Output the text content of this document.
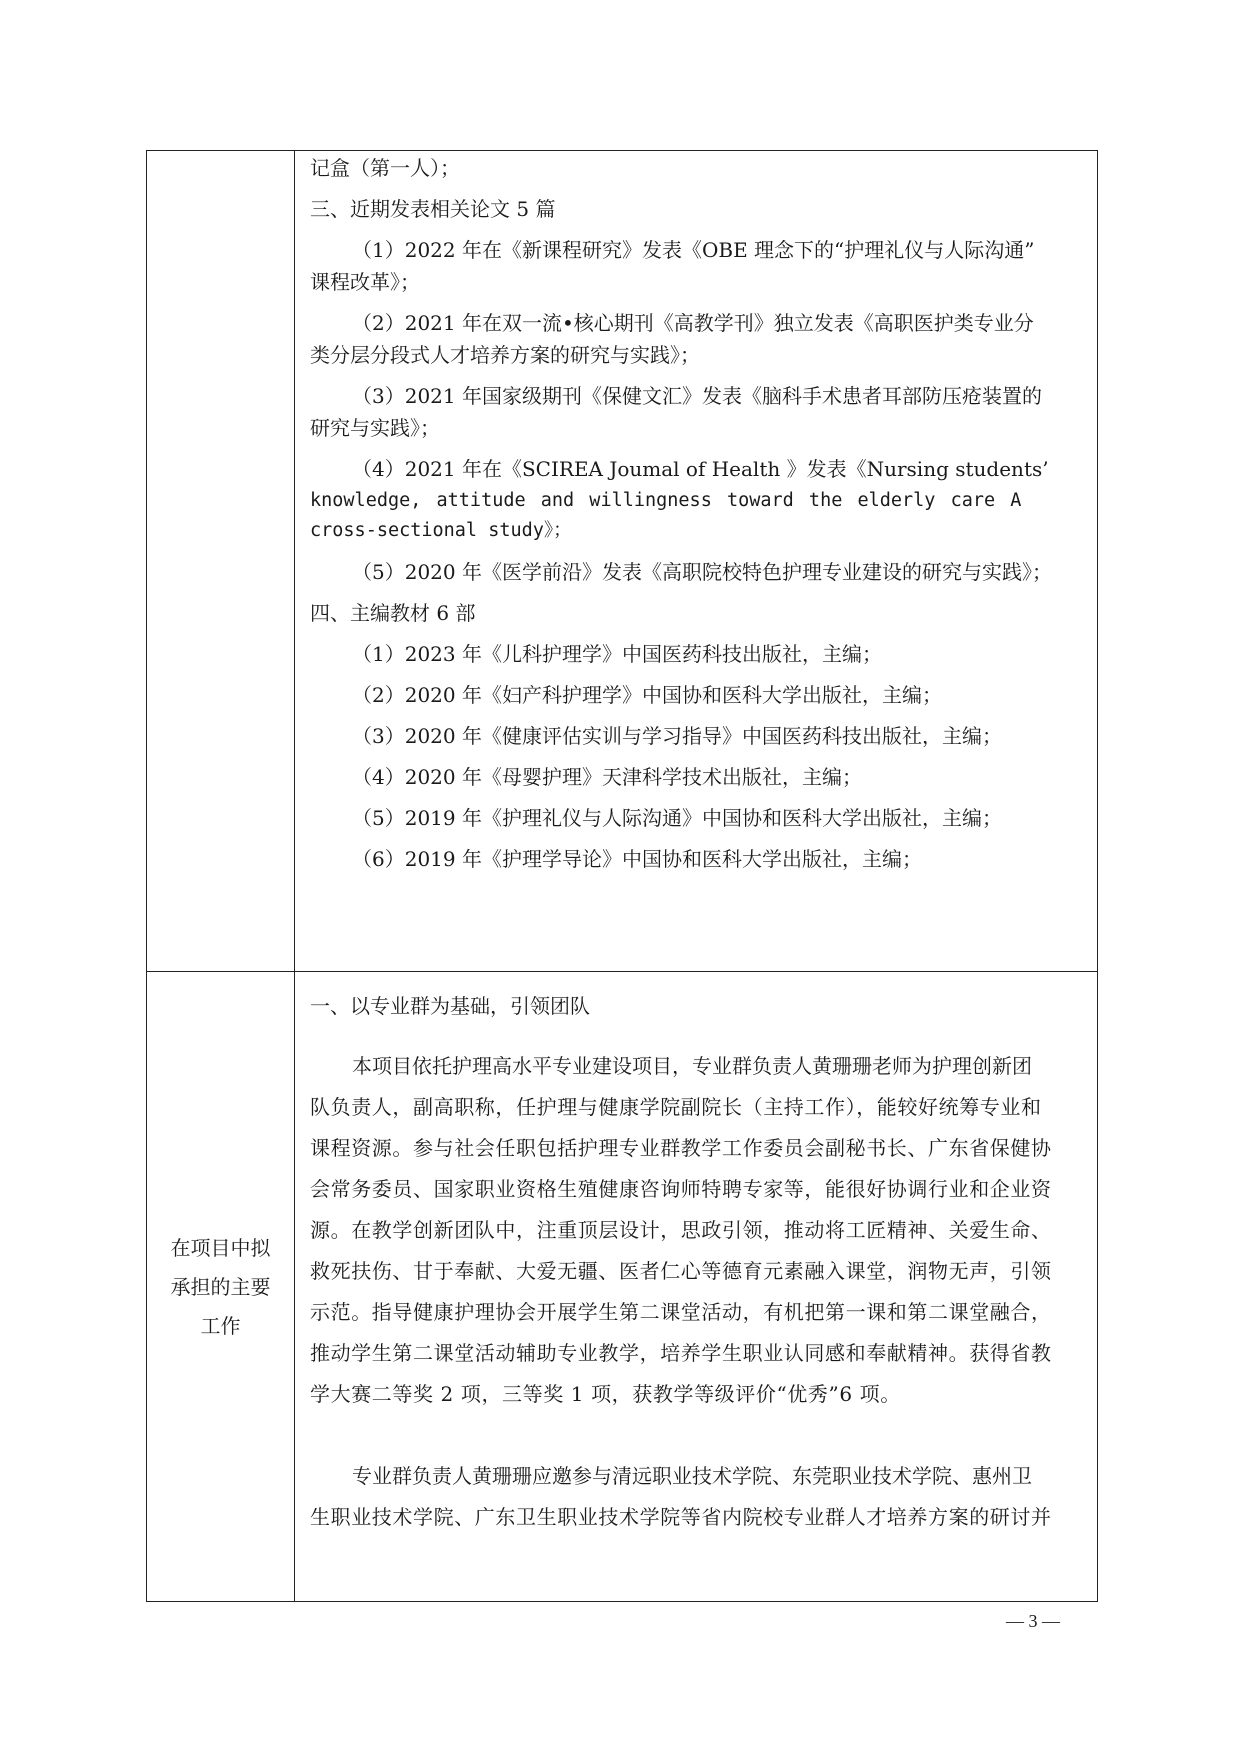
记盒（第一人）；
三、近期发表相关论文 5 篇
（1）2022 年在《新课程研究》发表《OBE 理念下的“护理礼仪与人际沟通”
课程改革》；
（2）2021 年在双一流•核心期刊《高教学刊》独立发表《高职医护类专业分
类分层分段式人才培养方案的研究与实践》；
（3）2021 年国家级期刊《保健文汇》发表《脑科手术患者耳部防压疮装置的
研究与实践》；
（4）2021 年在《SCIREA Joumal of Health 》发表《Nursing students’
knowledge, attitude and willingness toward the elderly care A
cross-sectional study》；
（5）2020 年《医学前沿》发表《高职院校特色护理专业建设的研究与实践》；
四、主编教材 6 部
（1）2023 年《儿科护理学》中国医药科技出版社，主编；
（2）2020 年《妇产科护理学》中国协和医科大学出版社，主编；
（3）2020 年《健康评估实训与学习指导》中国医药科技出版社，主编；
（4）2020 年《母婴护理》天津科学技术出版社，主编；
（5）2019 年《护理礼仪与人际沟通》中国协和医科大学出版社，主编；
（6）2019 年《护理学导论》中国协和医科大学出版社，主编；
在项目中拟
承担的主要
工作
一、以专业群为基础，引领团队
本项目依托护理高水平专业建设项目，专业群负责人黄珊珊老师为护理创新团
队负责人，副高职称，任护理与健康学院副院长（主持工作），能较好统筹专业和
课程资源。参与社会任职包括护理专业群教学工作委员会副秘书长、广东省保健协
会常务委员、国家职业资格生殖健康咨询师特聘专家等，能很好协调行业和企业资
源。在教学创新团队中，注重顶层设计，思政引领，推动将工匠精神、关爱生命、
救死扶伤、甘于奉献、大爱无疆、医者仁心等德育元素融入课堂，润物无声，引领
示范。指导健康护理协会开展学生第二课堂活动，有机把第一课和第二课堂融合，
推动学生第二课堂活动辅助专业教学，培养学生职业认同感和奉献精神。获得省教
学大赛二等奖 2 项，三等奖 1 项，获教学等级评价“优秀”6 项。
专业群负责人黄珊珊应邀参与清远职业技术学院、东莞职业技术学院、惠州卫
生职业技术学院、广东卫生职业技术学院等省内院校专业群人才培养方案的研讨并
— 3 —
